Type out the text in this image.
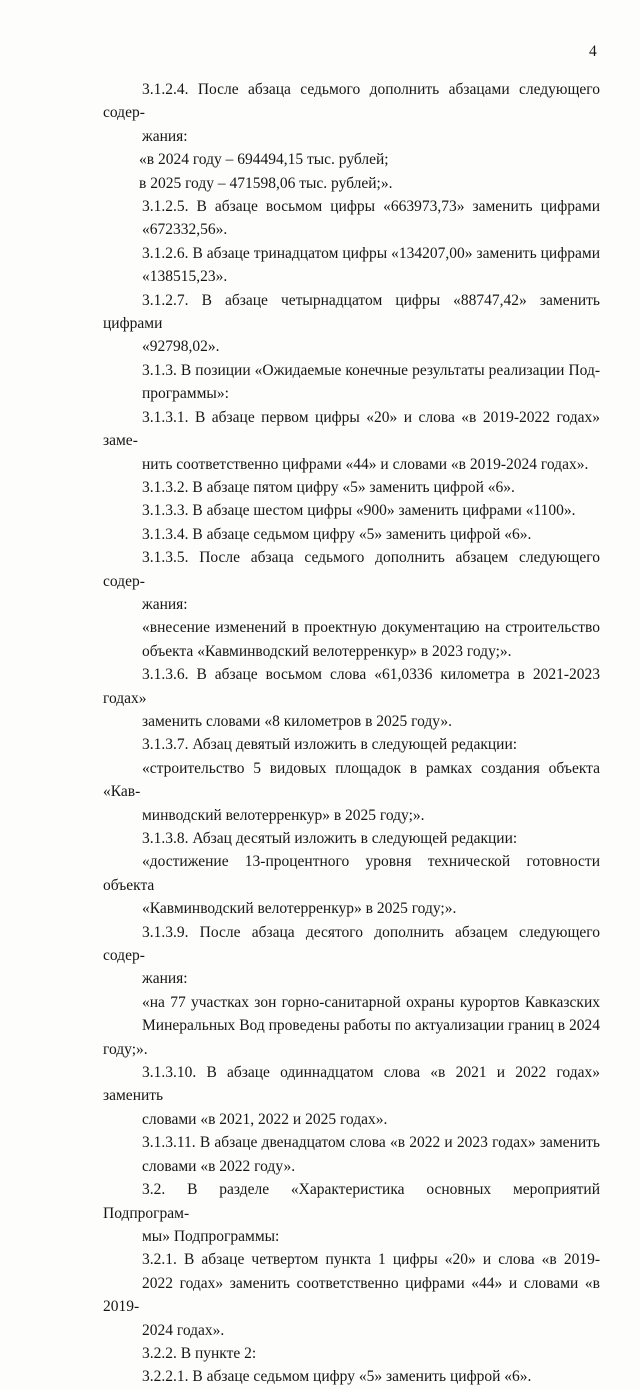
4

3.1.2.4. После абзаца седьмого дополнить абзацами следующего содер-
жания:

«в 2024 году – 694494,15 тыс. рублей;

в 2025 году – 471598,06 тыс. рублей;».

3.1.2.5. В абзаце восьмом цифры «663973,73» заменить цифрами
«672332,56».

3.1.2.6. В абзаце тринадцатом цифры «134207,00» заменить цифрами
«138515,23».

3.1.2.7. В абзаце четырнадцатом цифры «88747,42» заменить цифрами
«92798,02».

3.1.3. В позиции «Ожидаемые конечные результаты реализации Под-
программы»:

3.1.3.1. В абзаце первом цифры «20» и слова «в 2019-2022 годах» заме-
нить соответственно цифрами «44» и словами «в 2019-2024 годах».

3.1.3.2. В абзаце пятом цифру «5» заменить цифрой «6».

3.1.3.3. В абзаце шестом цифры «900» заменить цифрами «1100».

3.1.3.4. В абзаце седьмом цифру «5» заменить цифрой «6».

3.1.3.5. После абзаца седьмого дополнить абзацем следующего содер-
жания:

«внесение изменений в проектную документацию на строительство
объекта «Кавминводский велотерренкур» в 2023 году;».

3.1.3.6. В абзаце восьмом слова «61,0336 километра в 2021-2023 годах»
заменить словами «8 километров в 2025 году».

3.1.3.7. Абзац девятый изложить в следующей редакции:

«строительство 5 видовых площадок в рамках создания объекта «Кав-
минводский велотерренкур» в 2025 году;».

3.1.3.8. Абзац десятый изложить в следующей редакции:

«достижение 13-процентного уровня технической готовности объекта
«Кавминводский велотерренкур» в 2025 году;».

3.1.3.9. После абзаца десятого дополнить абзацем следующего содер-
жания:

«на 77 участках зон горно-санитарной охраны курортов Кавказских
Минеральных Вод проведены работы по актуализации границ в 2024 году;».

3.1.3.10. В абзаце одиннадцатом слова «в 2021 и 2022 годах» заменить
словами «в 2021, 2022 и 2025 годах».

3.1.3.11. В абзаце двенадцатом слова «в 2022 и 2023 годах» заменить
словами «в 2022 году».

3.2. В разделе «Характеристика основных мероприятий Подпрограм-
мы» Подпрограммы:

3.2.1. В абзаце четвертом пункта 1 цифры «20» и слова «в 2019-
2022 годах» заменить соответственно цифрами «44» и словами «в 2019-
2024 годах».

3.2.2. В пункте 2:

3.2.2.1. В абзаце седьмом цифру «5» заменить цифрой «6».
